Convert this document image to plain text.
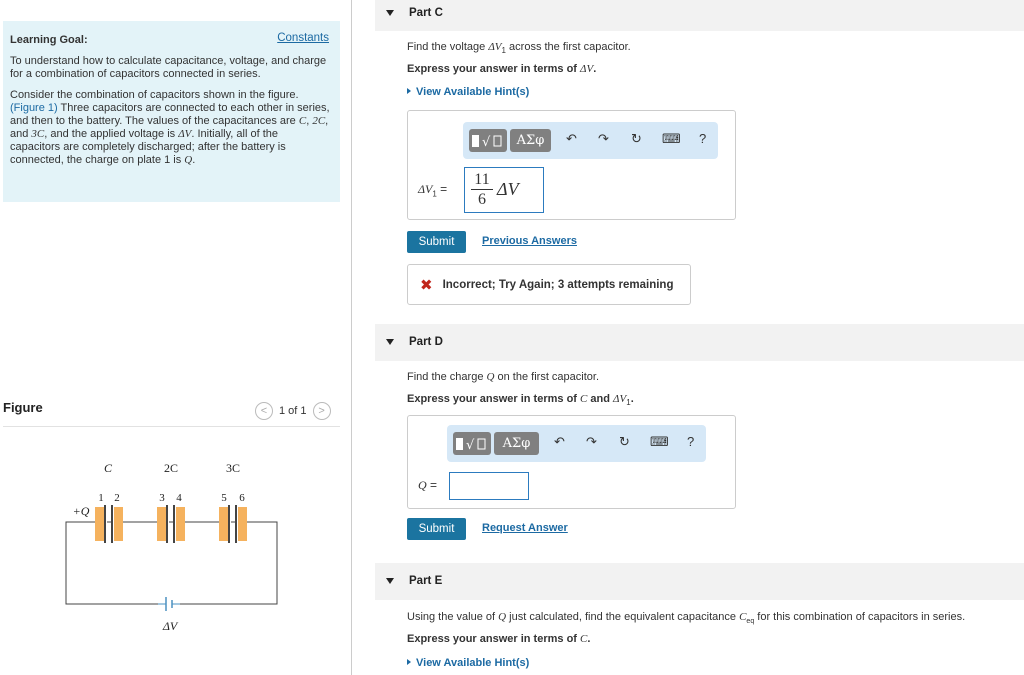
Constants
Learning Goal:
To understand how to calculate capacitance, voltage, and charge for a combination of capacitors connected in series.
Consider the combination of capacitors shown in the figure. (Figure 1) Three capacitors are connected to each other in series, and then to the battery. The values of the capacitances are C, 2C, and 3C, and the applied voltage is ΔV. Initially, all of the capacitors are completely discharged; after the battery is connected, the charge on plate 1 is Q.
Figure	<	1 of 1	>
C	2C	3C
1 2	3 4	5 6
+Q
ΔV
Part C
Find the voltage $\Delta V_1$ across the first capacitor.
Express your answer in terms of ΔV.
View Available Hint(s)
√	ΑΣφ	↶ ↷ ↻ ⌨ ?
$\Delta V_1$ =
11
6
ΔV
Submit	Previous Answers
✖ Incorrect; Try Again; 3 attempts remaining
Part D
Find the charge Q on the first capacitor.
Express your answer in terms of C and $\Delta V_1$.
√	ΑΣφ	↶ ↷ ↻ ⌨ ?
Q =
Submit	Request Answer
Part E
Using the value of Q just calculated, find the equivalent capacitance $C_{eq}$ for this combination of capacitors in series.
Express your answer in terms of C.
View Available Hint(s)
